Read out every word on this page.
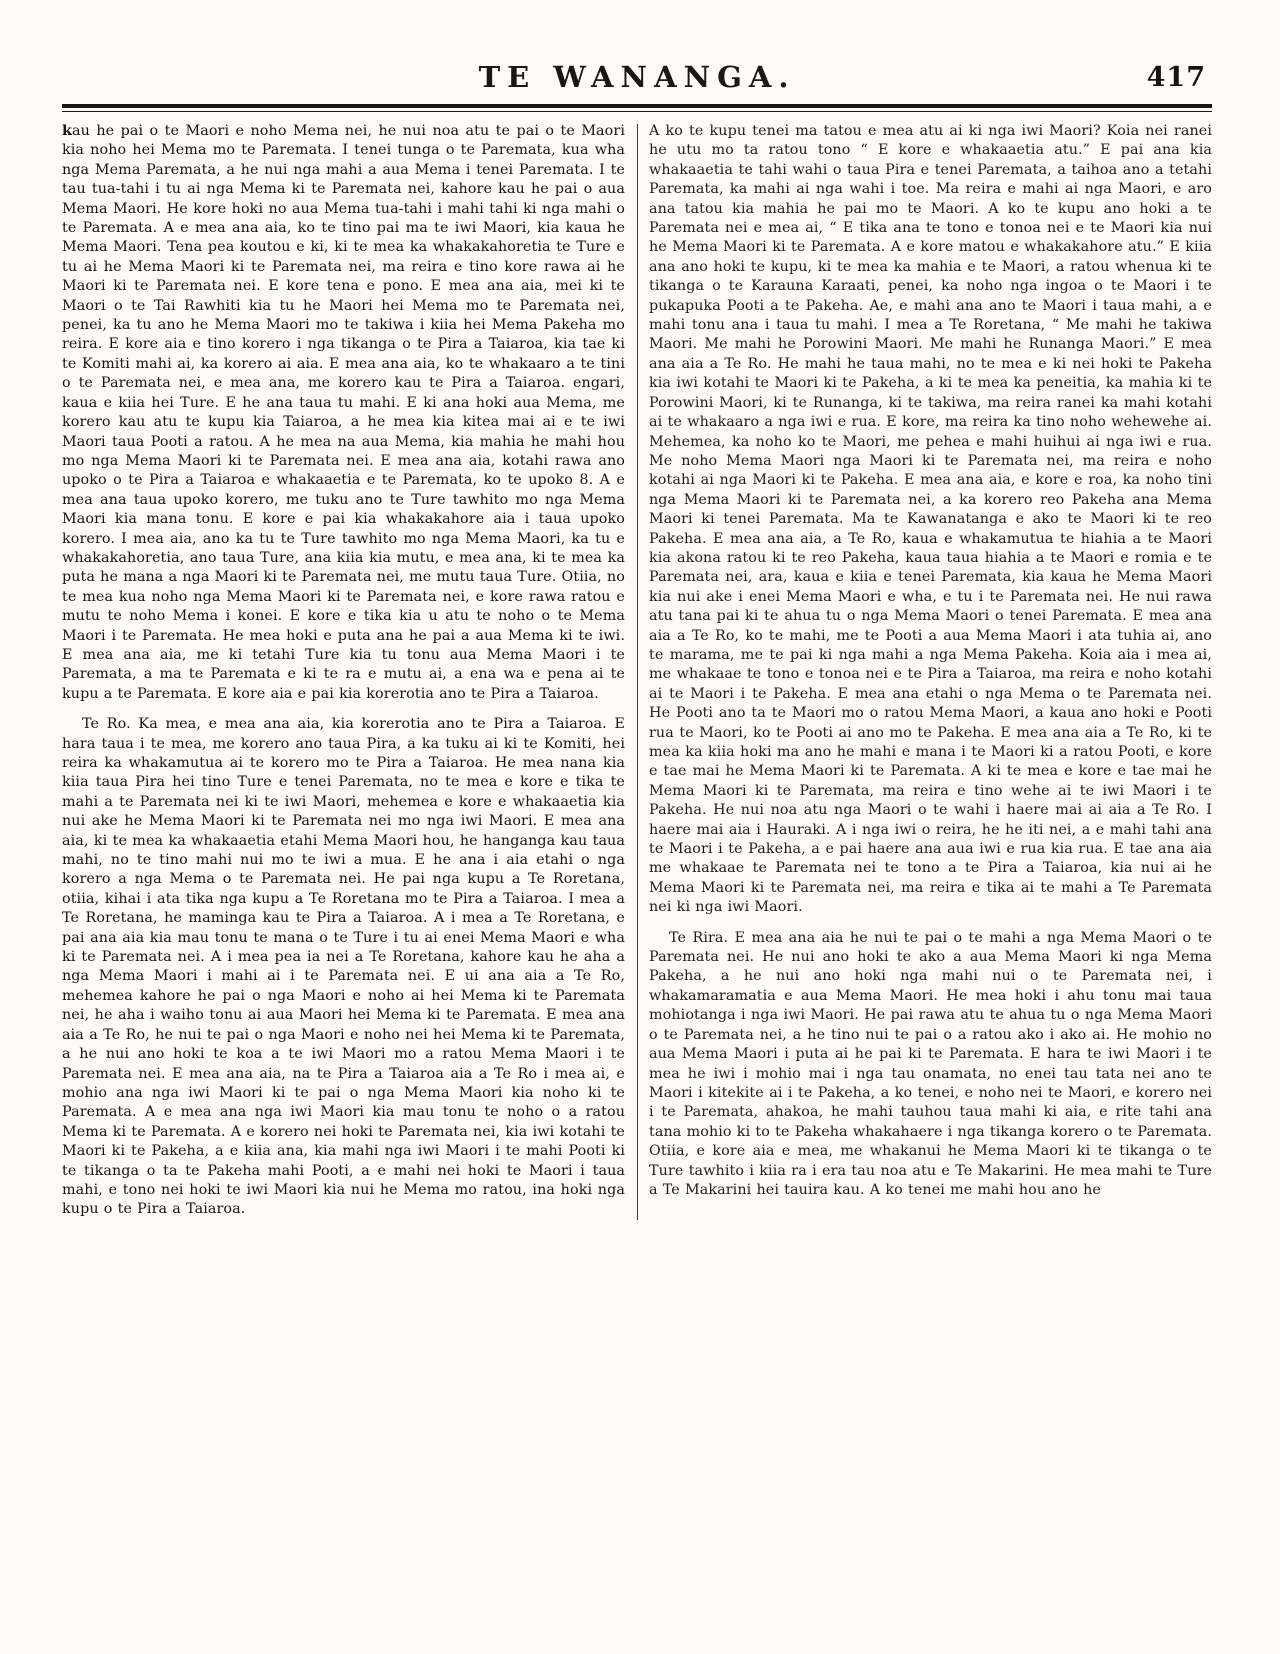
TE WANANGA.	417

kau he pai o te Maori e noho Mema nei, he nui noa atu te pai o te Maori kia noho hei Mema mo te Paremata. I tenei tunga o te Paremata, kua wha nga Mema Paremata, a he nui nga mahi a aua Mema i tenei Paremata. I te tau tua-tahi i tu ai nga Mema ki te Paremata nei, kahore kau he pai o aua Mema Maori. He kore hoki no aua Mema tua-tahi i mahi tahi ki nga mahi o te Paremata. A e mea ana aia, ko te tino pai ma te iwi Maori, kia kaua he Mema Maori. Tena pea koutou e ki, ki te mea ka whakakahoretia te Ture e tu ai he Mema Maori ki te Paremata nei, ma reira e tino kore rawa ai he Maori ki te Paremata nei. E kore tena e pono. E mea ana aia, mei ki te Maori o te Tai Rawhiti kia tu he Maori hei Mema mo te Paremata nei, penei, ka tu ano he Mema Maori mo te takiwa i kiia hei Mema Pakeha mo reira. E kore aia e tino korero i nga tikanga o te Pira a Taiaroa, kia tae ki te Komiti mahi ai, ka korero ai aia. E mea ana aia, ko te whakaaro a te tini o te Paremata nei, e mea ana, me korero kau te Pira a Taiaroa. engari, kaua e kiia hei Ture. E he ana taua tu mahi. E ki ana hoki aua Mema, me korero kau atu te kupu kia Taiaroa, a he mea kia kitea mai ai e te iwi Maori taua Pooti a ratou. A he mea na aua Mema, kia mahia he mahi hou mo nga Mema Maori ki te Paremata nei. E mea ana aia, kotahi rawa ano upoko o te Pira a Taiaroa e whakaaetia e te Paremata, ko te upoko 8. A e mea ana taua upoko korero, me tuku ano te Ture tawhito mo nga Mema Maori kia mana tonu. E kore e pai kia whakakahore aia i taua upoko korero. I mea aia, ano ka tu te Ture tawhito mo nga Mema Maori, ka tu e whakakahoretia, ano taua Ture, ana kiia kia mutu, e mea ana, ki te mea ka puta he mana a nga Maori ki te Paremata nei, me mutu taua Ture. Otiia, no te mea kua noho nga Mema Maori ki te Paremata nei, e kore rawa ratou e mutu te noho Mema i konei. E kore e tika kia u atu te noho o te Mema Maori i te Paremata. He mea hoki e puta ana he pai a aua Mema ki te iwi. E mea ana aia, me ki tetahi Ture kia tu tonu aua Mema Maori i te Paremata, a ma te Paremata e ki te ra e mutu ai, a ena wa e pena ai te kupu a te Paremata. E kore aia e pai kia korerotia ano te Pira a Taiaroa.

Te Ro. Ka mea, e mea ana aia, kia korerotia ano te Pira a Taiaroa. E hara taua i te mea, me korero ano taua Pira, a ka tuku ai ki te Komiti, hei reira ka whakamutua ai te korero mo te Pira a Taiaroa. He mea nana kia kiia taua Pira hei tino Ture e tenei Paremata, no te mea e kore e tika te mahi a te Paremata nei ki te iwi Maori, mehemea e kore e whakaaetia kia nui ake he Mema Maori ki te Paremata nei mo nga iwi Maori. E mea ana aia, ki te mea ka whakaaetia etahi Mema Maori hou, he hanganga kau taua mahi, no te tino mahi nui mo te iwi a mua. E he ana i aia etahi o nga korero a nga Mema o te Paremata nei. He pai nga kupu a Te Roretana, otiia, kihai i ata tika nga kupu a Te Roretana mo te Pira a Taiaroa. I mea a Te Roretana, he maminga kau te Pira a Taiaroa. A i mea a Te Roretana, e pai ana aia kia mau tonu te mana o te Ture i tu ai enei Mema Maori e wha ki te Paremata nei. A i mea pea ia nei a Te Roretana, kahore kau he aha a nga Mema Maori i mahi ai i te Paremata nei. E ui ana aia a Te Ro, mehemea kahore he pai o nga Maori e noho ai hei Mema ki te Paremata nei, he aha i waiho tonu ai aua Maori hei Mema ki te Paremata. E mea ana aia a Te Ro, he nui te pai o nga Maori e noho nei hei Mema ki te Paremata, a he nui ano hoki te koa a te iwi Maori mo a ratou Mema Maori i te Paremata nei. E mea ana aia, na te Pira a Taiaroa aia a Te Ro i mea ai, e mohio ana nga iwi Maori ki te pai o nga Mema Maori kia noho ki te Paremata. A e mea ana nga iwi Maori kia mau tonu te noho o a ratou Mema ki te Paremata. A e korero nei hoki te Paremata nei, kia iwi kotahi te Maori ki te Pakeha, a e kiia ana, kia mahi nga iwi Maori i te mahi Pooti ki te tikanga o ta te Pakeha mahi Pooti, a e mahi nei hoki te Maori i taua mahi, e tono nei hoki te iwi Maori kia nui he Mema mo ratou, ina hoki nga kupu o te Pira a Taiaroa.

A ko te kupu tenei ma tatou e mea atu ai ki nga iwi Maori? Koia nei ranei he utu mo ta ratou tono “ E kore e whakaaetia atu.” E pai ana kia whakaaetia te tahi wahi o taua Pira e tenei Paremata, a taihoa ano a tetahi Paremata, ka mahi ai nga wahi i toe. Ma reira e mahi ai nga Maori, e aro ana tatou kia mahia he pai mo te Maori. A ko te kupu ano hoki a te Paremata nei e mea ai, “ E tika ana te tono e tonoa nei e te Maori kia nui he Mema Maori ki te Paremata. A e kore matou e whakakahore atu.” E kiia ana ano hoki te kupu, ki te mea ka mahia e te Maori, a ratou whenua ki te tikanga o te Karauna Karaati, penei, ka noho nga ingoa o te Maori i te pukapuka Pooti a te Pakeha. Ae, e mahi ana ano te Maori i taua mahi, a e mahi tonu ana i taua tu mahi. I mea a Te Roretana, “ Me mahi he takiwa Maori. Me mahi he Porowini Maori. Me mahi he Runanga Maori.” E mea ana aia a Te Ro. He mahi he taua mahi, no te mea e ki nei hoki te Pakeha kia iwi kotahi te Maori ki te Pakeha, a ki te mea ka peneitia, ka mahia ki te Porowini Maori, ki te Runanga, ki te takiwa, ma reira ranei ka mahi kotahi ai te whakaaro a nga iwi e rua. E kore, ma reira ka tino noho wehewehe ai. Mehemea, ka noho ko te Maori, me pehea e mahi huihui ai nga iwi e rua. Me noho Mema Maori nga Maori ki te Paremata nei, ma reira e noho kotahi ai nga Maori ki te Pakeha. E mea ana aia, e kore e roa, ka noho tini nga Mema Maori ki te Paremata nei, a ka korero reo Pakeha ana Mema Maori ki tenei Paremata. Ma te Kawanatanga e ako te Maori ki te reo Pakeha. E mea ana aia, a Te Ro, kaua e whakamutua te hiahia a te Maori kia akona ratou ki te reo Pakeha, kaua taua hiahia a te Maori e romia e te Paremata nei, ara, kaua e kiia e tenei Paremata, kia kaua he Mema Maori kia nui ake i enei Mema Maori e wha, e tu i te Paremata nei. He nui rawa atu tana pai ki te ahua tu o nga Mema Maori o tenei Paremata. E mea ana aia a Te Ro, ko te mahi, me te Pooti a aua Mema Maori i ata tuhia ai, ano te marama, me te pai ki nga mahi a nga Mema Pakeha. Koia aia i mea ai, me whakaae te tono e tonoa nei e te Pira a Taiaroa, ma reira e noho kotahi ai te Maori i te Pakeha. E mea ana etahi o nga Mema o te Paremata nei. He Pooti ano ta te Maori mo o ratou Mema Maori, a kaua ano hoki e Pooti rua te Maori, ko te Pooti ai ano mo te Pakeha. E mea ana aia a Te Ro, ki te mea ka kiia hoki ma ano he mahi e mana i te Maori ki a ratou Pooti, e kore e tae mai he Mema Maori ki te Paremata. A ki te mea e kore e tae mai he Mema Maori ki te Paremata, ma reira e tino wehe ai te iwi Maori i te Pakeha. He nui noa atu nga Maori o te wahi i haere mai ai aia a Te Ro. I haere mai aia i Hauraki. A i nga iwi o reira, he he iti nei, a e mahi tahi ana te Maori i te Pakeha, a e pai haere ana aua iwi e rua kia rua. E tae ana aia me whakaae te Paremata nei te tono a te Pira a Taiaroa, kia nui ai he Mema Maori ki te Paremata nei, ma reira e tika ai te mahi a Te Paremata nei ki nga iwi Maori.

Te Rira. E mea ana aia he nui te pai o te mahi a nga Mema Maori o te Paremata nei. He nui ano hoki te ako a aua Mema Maori ki nga Mema Pakeha, a he nui ano hoki nga mahi nui o te Paremata nei, i whakamaramatia e aua Mema Maori. He mea hoki i ahu tonu mai taua mohiotanga i nga iwi Maori. He pai rawa atu te ahua tu o nga Mema Maori o te Paremata nei, a he tino nui te pai o a ratou ako i ako ai. He mohio no aua Mema Maori i puta ai he pai ki te Paremata. E hara te iwi Maori i te mea he iwi i mohio mai i nga tau onamata, no enei tau tata nei ano te Maori i kitekite ai i te Pakeha, a ko tenei, e noho nei te Maori, e korero nei i te Paremata, ahakoa, he mahi tauhou taua mahi ki aia, e rite tahi ana tana mohio ki to te Pakeha whakahaere i nga tikanga korero o te Paremata. Otiia, e kore aia e mea, me whakanui he Mema Maori ki te tikanga o te Ture tawhito i kiia ra i era tau noa atu e Te Makarini. He mea mahi te Ture a Te Makarini hei tauira kau. A ko tenei me mahi hou ano he
